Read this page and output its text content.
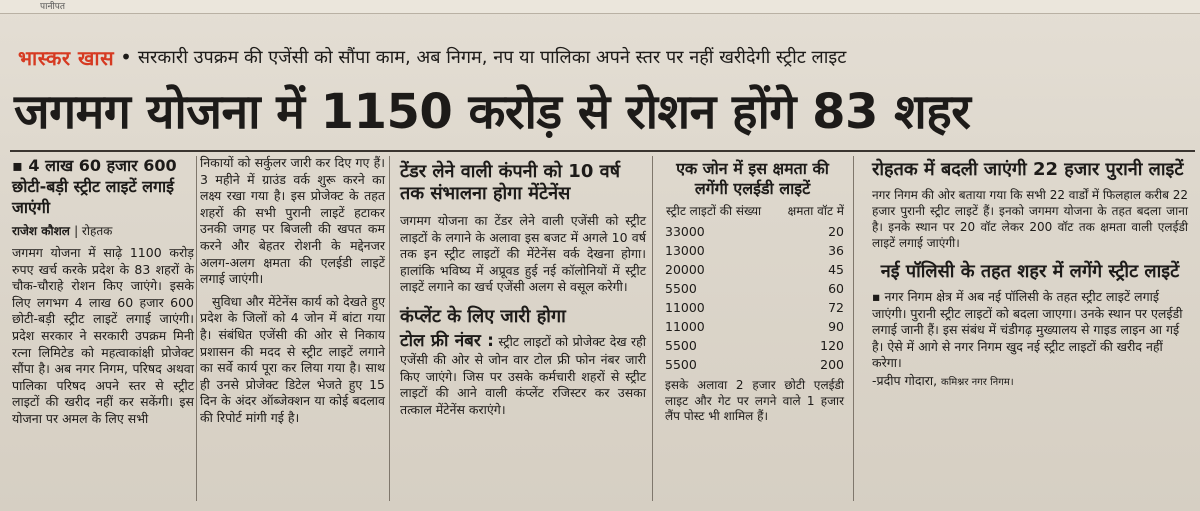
पानीपत
भास्कर खास • सरकारी उपक्रम की एजेंसी को सौंपा काम, अब निगम, नप या पालिका अपने स्तर पर नहीं खरीदेगी स्ट्रीट लाइट
जगमग योजना में 1150 करोड़ से रोशन होंगे 83 शहर

▪ 4 लाख 60 हजार 600 छोटी-बड़ी स्ट्रीट लाइटें लगाई जाएंगी

राजेश कौशल | रोहतक

जगमग योजना में साढ़े 1100 करोड़ रुपए खर्च करके प्रदेश के 83 शहरों के चौक-चौराहे रोशन किए जाएंगे। इसके लिए लगभग 4 लाख 60 हजार 600 छोटी-बड़ी स्ट्रीट लाइटें लगाई जाएंगी। प्रदेश सरकार ने सरकारी उपक्रम मिनी रत्ना लिमिटेड को महत्वाकांक्षी प्रोजेक्ट सौंपा है। अब नगर निगम, परिषद अथवा पालिका परिषद अपने स्तर से स्ट्रीट लाइटों की खरीद नहीं कर सकेंगी। इस योजना पर अमल के लिए सभी

निकायों को सर्कुलर जारी कर दिए गए हैं। 3 महीने में ग्राउंड वर्क शुरू करने का लक्ष्य रखा गया है। इस प्रोजेक्ट के तहत शहरों की सभी पुरानी लाइटें हटाकर उनकी जगह पर बिजली की खपत कम करने और बेहतर रोशनी के मद्देनजर अलग-अलग क्षमता की एलईडी लाइटें लगाई जाएंगी।

सुविधा और मेंटेनेंस कार्य को देखते हुए प्रदेश के जिलों को 4 जोन में बांटा गया है। संबंधित एजेंसी की ओर से निकाय प्रशासन की मदद से स्ट्रीट लाइटें लगाने का सर्वे कार्य पूरा कर लिया गया है। साथ ही उनसे प्रोजेक्ट डिटेल भेजते हुए 15 दिन के अंदर ऑब्जेक्शन या कोई बदलाव की रिपोर्ट मांगी गई है।

टेंडर लेने वाली कंपनी को 10 वर्ष तक संभालना होगा मेंटेनेंस

जगमग योजना का टेंडर लेने वाली एजेंसी को स्ट्रीट लाइटों के लगाने के अलावा इस बजट में अगले 10 वर्ष तक इन स्ट्रीट लाइटों की मेंटेनेंस वर्क देखना होगा। हालांकि भविष्य में अप्रूवड हुई नई कॉलोनियों में स्ट्रीट लाइटें लगाने का खर्च एजेंसी अलग से वसूल करेगी।

कंप्लेंट के लिए जारी होगा

टोल फ्री नंबर : स्ट्रीट लाइटों को प्रोजेक्ट देख रही एजेंसी की ओर से जोन वार टोल फ्री फोन नंबर जारी किए जाएंगे। जिस पर उसके कर्मचारी शहरों से स्ट्रीट लाइटों की आने वाली कंप्लेंट रजिस्टर कर उसका तत्काल मेंटेनेंस कराएंगे।

एक जोन में इस क्षमता की लगेंगी एलईडी लाइटें

स्ट्रीट लाइटों की संख्या	क्षमता वॉट में
33000	20
13000	36
20000	45
5500	60
11000	72
11000	90
5500	120
5500	200

इसके अलावा 2 हजार छोटी एलईडी लाइट और गेट पर लगने वाले 1 हजार लैंप पोस्ट भी शामिल हैं।

रोहतक में बदली जाएंगी 22 हजार पुरानी लाइटें

नगर निगम की ओर बताया गया कि सभी 22 वार्डों में फिलहाल करीब 22 हजार पुरानी स्ट्रीट लाइटें हैं। इनको जगमग योजना के तहत बदला जाना है। इनके स्थान पर 20 वॉट लेकर 200 वॉट तक क्षमता वाली एलईडी लाइटें लगाई जाएंगी।

नई पॉलिसी के तहत शहर में लगेंगे स्ट्रीट लाइटें

▪ नगर निगम क्षेत्र में अब नई पॉलिसी के तहत स्ट्रीट लाइटें लगाई जाएंगी। पुरानी स्ट्रीट लाइटों को बदला जाएगा। उनके स्थान पर एलईडी लगाई जानी हैं। इस संबंध में चंडीगढ़ मुख्यालय से गाइड लाइन आ गई है। ऐसे में आगे से नगर निगम खुद नई स्ट्रीट लाइटों की खरीद नहीं करेगा।

-प्रदीप गोदारा, कमिश्नर नगर निगम।
